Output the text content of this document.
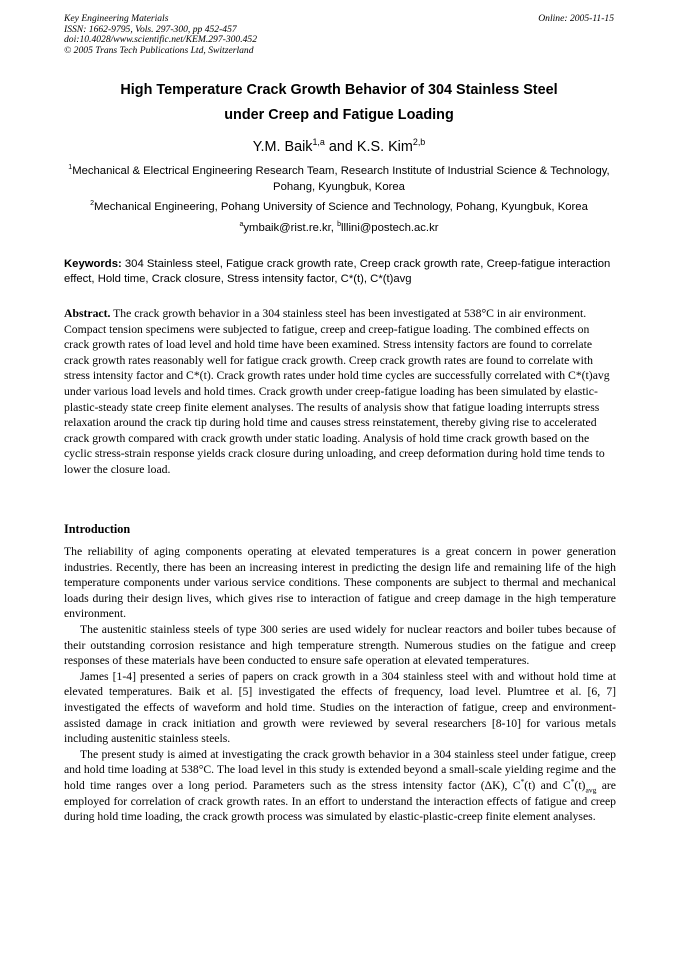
Key Engineering Materials
ISSN: 1662-9795, Vols. 297-300, pp 452-457
doi:10.4028/www.scientific.net/KEM.297-300.452
© 2005 Trans Tech Publications Ltd, Switzerland
Online: 2005-11-15
High Temperature Crack Growth Behavior of 304 Stainless Steel
under Creep and Fatigue Loading
Y.M. Baik$^{1,a}$ and K.S. Kim$^{2,b}$
$^1$Mechanical & Electrical Engineering Research Team, Research Institute of Industrial Science & Technology, Pohang, Kyungbuk, Korea
$^2$Mechanical Engineering, Pohang University of Science and Technology, Pohang, Kyungbuk, Korea
$^a$ymbaik@rist.re.kr, $^b$lllini@postech.ac.kr
Keywords: 304 Stainless steel, Fatigue crack growth rate, Creep crack growth rate, Creep-fatigue interaction effect, Hold time, Crack closure, Stress intensity factor, C*(t), C*(t)avg
Abstract. The crack growth behavior in a 304 stainless steel has been investigated at 538°C in air environment. Compact tension specimens were subjected to fatigue, creep and creep-fatigue loading. The combined effects on crack growth rates of load level and hold time have been examined. Stress intensity factors are found to correlate crack growth rates reasonably well for fatigue crack growth. Creep crack growth rates are found to correlate with stress intensity factor and C*(t). Crack growth rates under hold time cycles are successfully correlated with C*(t)avg under various load levels and hold times. Crack growth under creep-fatigue loading has been simulated by elastic-plastic-steady state creep finite element analyses. The results of analysis show that fatigue loading interrupts stress relaxation around the crack tip during hold time and causes stress reinstatement, thereby giving rise to accelerated crack growth compared with crack growth under static loading. Analysis of hold time crack growth based on the cyclic stress-strain response yields crack closure during unloading, and creep deformation during hold time tends to lower the closure load.
Introduction

The reliability of aging components operating at elevated temperatures is a great concern in power generation industries. Recently, there has been an increasing interest in predicting the design life and remaining life of the high temperature components under various service conditions. These components are subject to thermal and mechanical loads during their design lives, which gives rise to interaction of fatigue and creep damage in the high temperature environment.

The austenitic stainless steels of type 300 series are used widely for nuclear reactors and boiler tubes because of their outstanding corrosion resistance and high temperature strength. Numerous studies on the fatigue and creep responses of these materials have been conducted to ensure safe operation at elevated temperatures.

James [1-4] presented a series of papers on crack growth in a 304 stainless steel with and without hold time at elevated temperatures. Baik et al. [5] investigated the effects of frequency, load level. Plumtree et al. [6, 7] investigated the effects of waveform and hold time. Studies on the interaction of fatigue, creep and environment-assisted damage in crack initiation and growth were reviewed by several researchers [8-10] for various metals including austenitic stainless steels.

The present study is aimed at investigating the crack growth behavior in a 304 stainless steel under fatigue, creep and hold time loading at 538°C. The load level in this study is extended beyond a small-scale yielding regime and the hold time ranges over a long period. Parameters such as the stress intensity factor (ΔK), C*(t) and $C^*(t)_{avg}$ are employed for correlation of crack growth rates. In an effort to understand the interaction effects of fatigue and creep during hold time loading, the crack growth process was simulated by elastic-plastic-creep finite element analyses.
